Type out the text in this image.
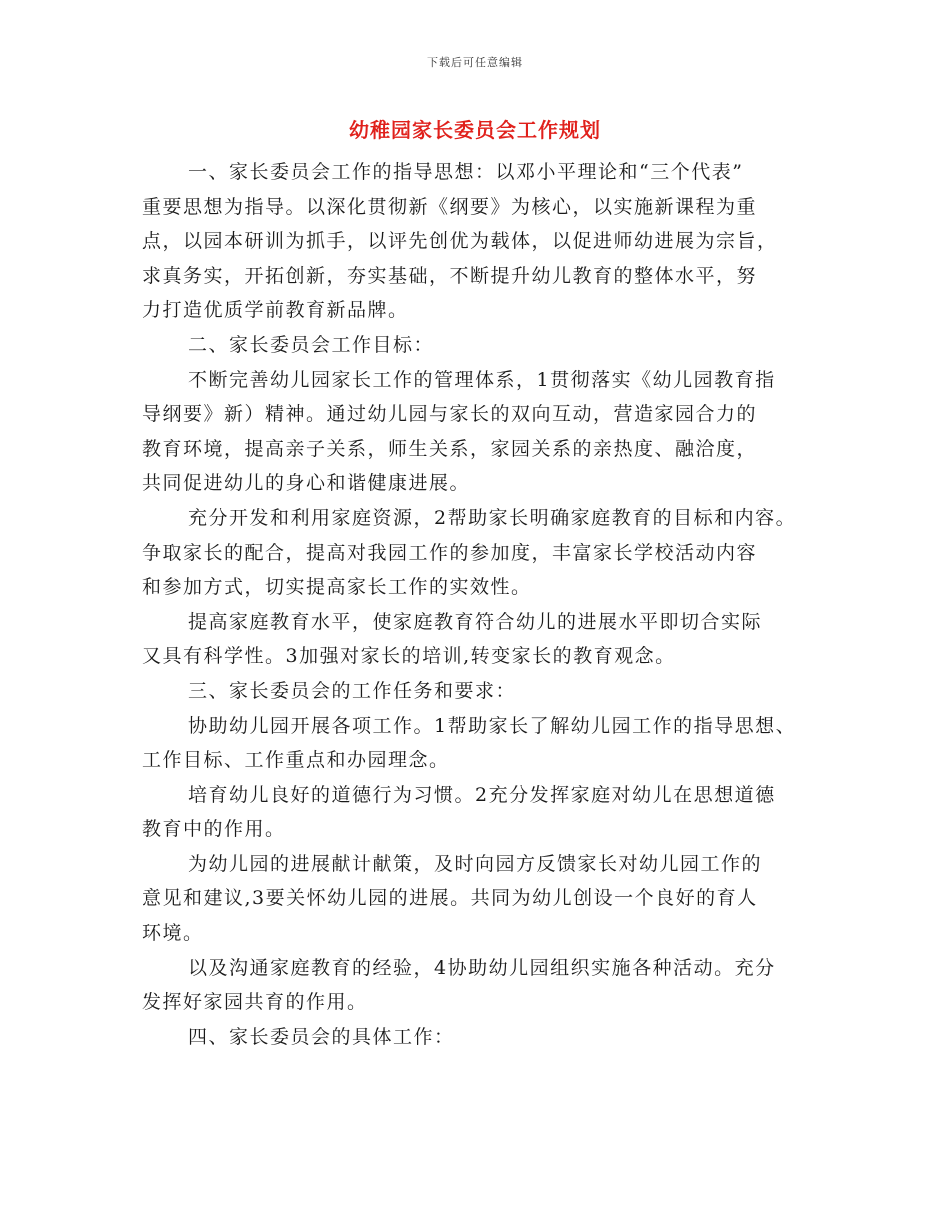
下载后可任意编辑
幼稚园家长委员会工作规划
一、家长委员会工作的指导思想：以邓小平理论和“三个代表”
重要思想为指导。以深化贯彻新《纲要》为核心，以实施新课程为重
点，以园本研训为抓手，以评先创优为载体，以促进师幼进展为宗旨，
求真务实，开拓创新，夯实基础，不断提升幼儿教育的整体水平，努
力打造优质学前教育新品牌。
二、家长委员会工作目标：
不断完善幼儿园家长工作的管理体系，1贯彻落实《幼儿园教育指
导纲要》新）精神。通过幼儿园与家长的双向互动，营造家园合力的
教育环境，提高亲子关系，师生关系，家园关系的亲热度、融洽度，
共同促进幼儿的身心和谐健康进展。
充分开发和利用家庭资源，2帮助家长明确家庭教育的目标和内容。
争取家长的配合，提高对我园工作的参加度，丰富家长学校活动内容
和参加方式，切实提高家长工作的实效性。
提高家庭教育水平，使家庭教育符合幼儿的进展水平即切合实际
又具有科学性。3加强对家长的培训,转变家长的教育观念。
三、家长委员会的工作任务和要求：
协助幼儿园开展各项工作。1帮助家长了解幼儿园工作的指导思想、
工作目标、工作重点和办园理念。
培育幼儿良好的道德行为习惯。2充分发挥家庭对幼儿在思想道德
教育中的作用。
为幼儿园的进展献计献策，及时向园方反馈家长对幼儿园工作的
意见和建议,3要关怀幼儿园的进展。共同为幼儿创设一个良好的育人
环境。
以及沟通家庭教育的经验，4协助幼儿园组织实施各种活动。充分
发挥好家园共育的作用。
四、家长委员会的具体工作：
